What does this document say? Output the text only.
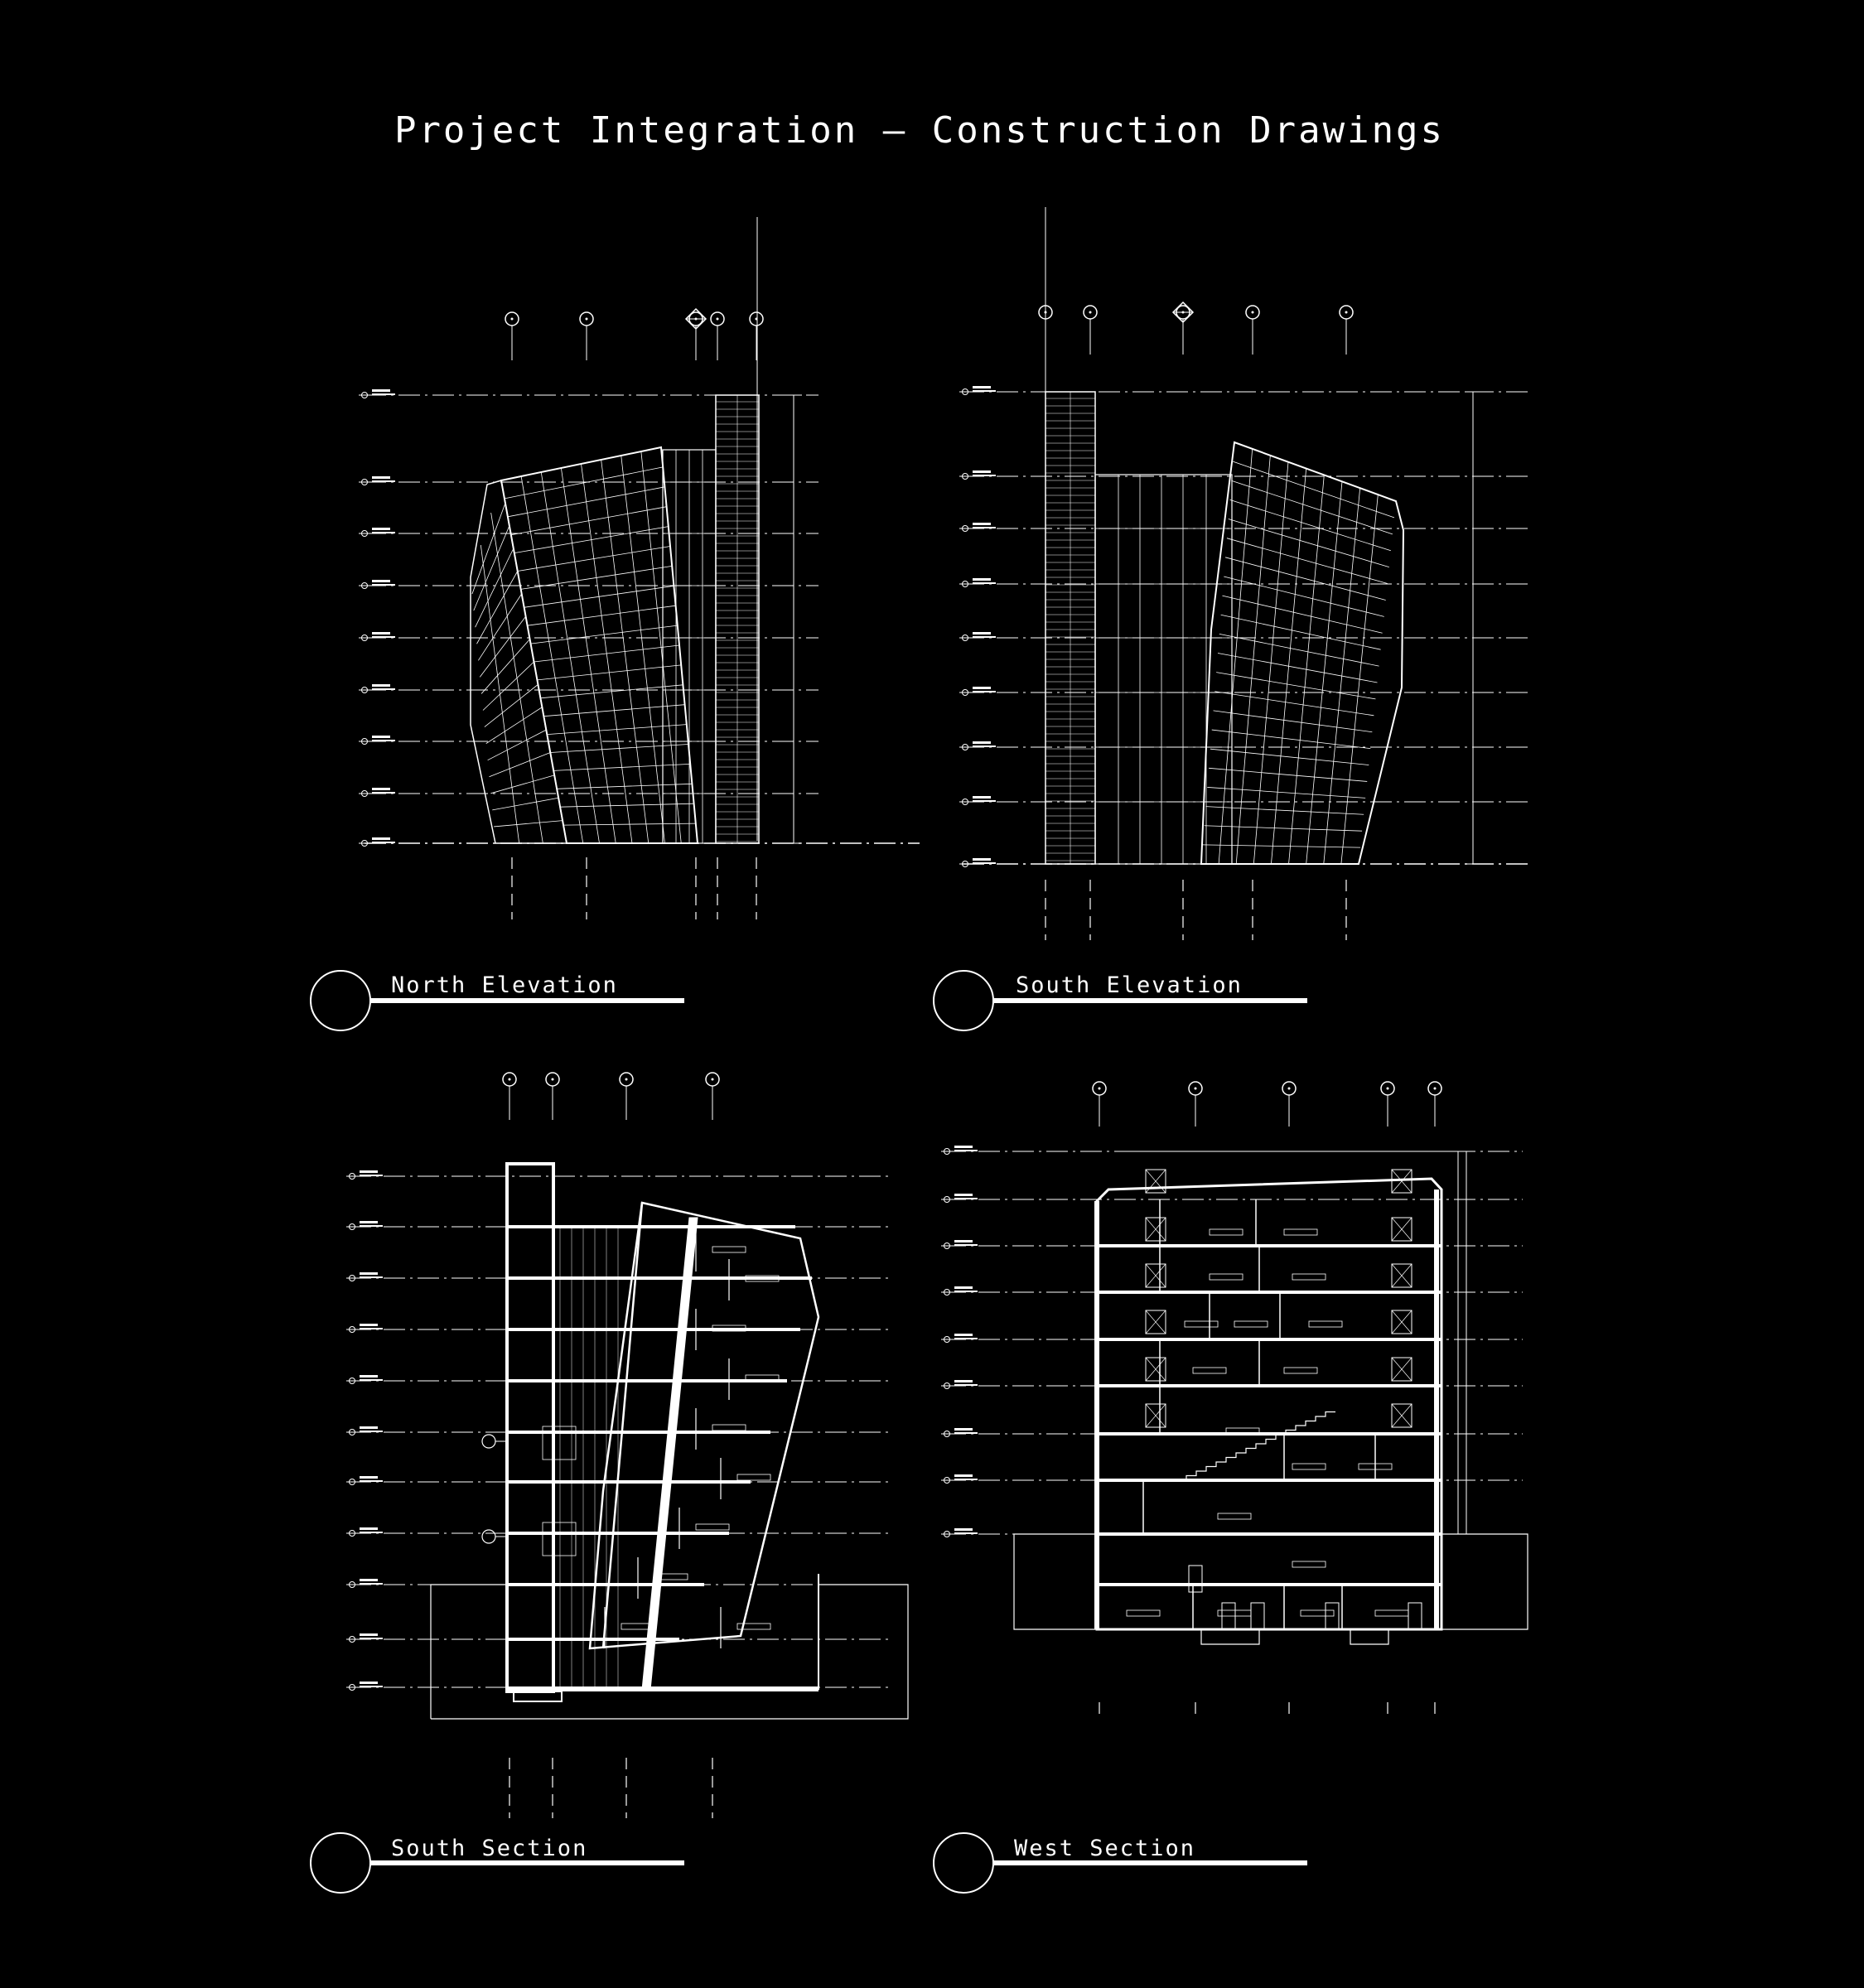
Project Integration – Construction Drawings
North Elevation	South Elevation
South Section	West Section
